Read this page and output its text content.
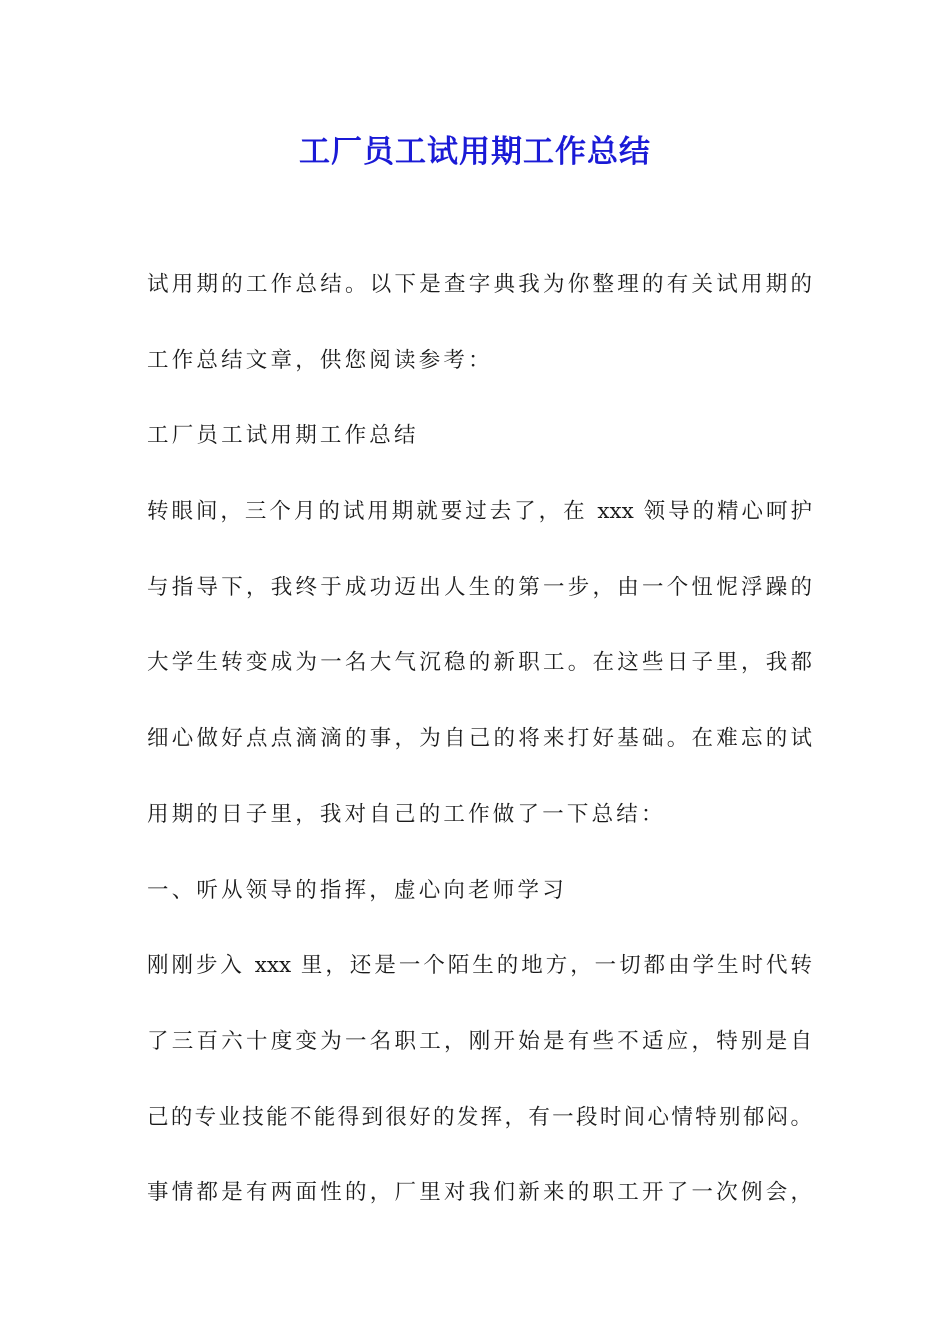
工厂员工试用期工作总结
试用期的工作总结。以下是查字典我为你整理的有关试用期的
工作总结文章，供您阅读参考：
工厂员工试用期工作总结
转眼间，三个月的试用期就要过去了，在 xxx 领导的精心呵护
与指导下，我终于成功迈出人生的第一步，由一个忸怩浮躁的
大学生转变成为一名大气沉稳的新职工。在这些日子里，我都
细心做好点点滴滴的事，为自己的将来打好基础。在难忘的试
用期的日子里，我对自己的工作做了一下总结：
一、听从领导的指挥，虚心向老师学习
刚刚步入 xxx 里，还是一个陌生的地方，一切都由学生时代转
了三百六十度变为一名职工，刚开始是有些不适应，特别是自
己的专业技能不能得到很好的发挥，有一段时间心情特别郁闷。
事情都是有两面性的，厂里对我们新来的职工开了一次例会，
